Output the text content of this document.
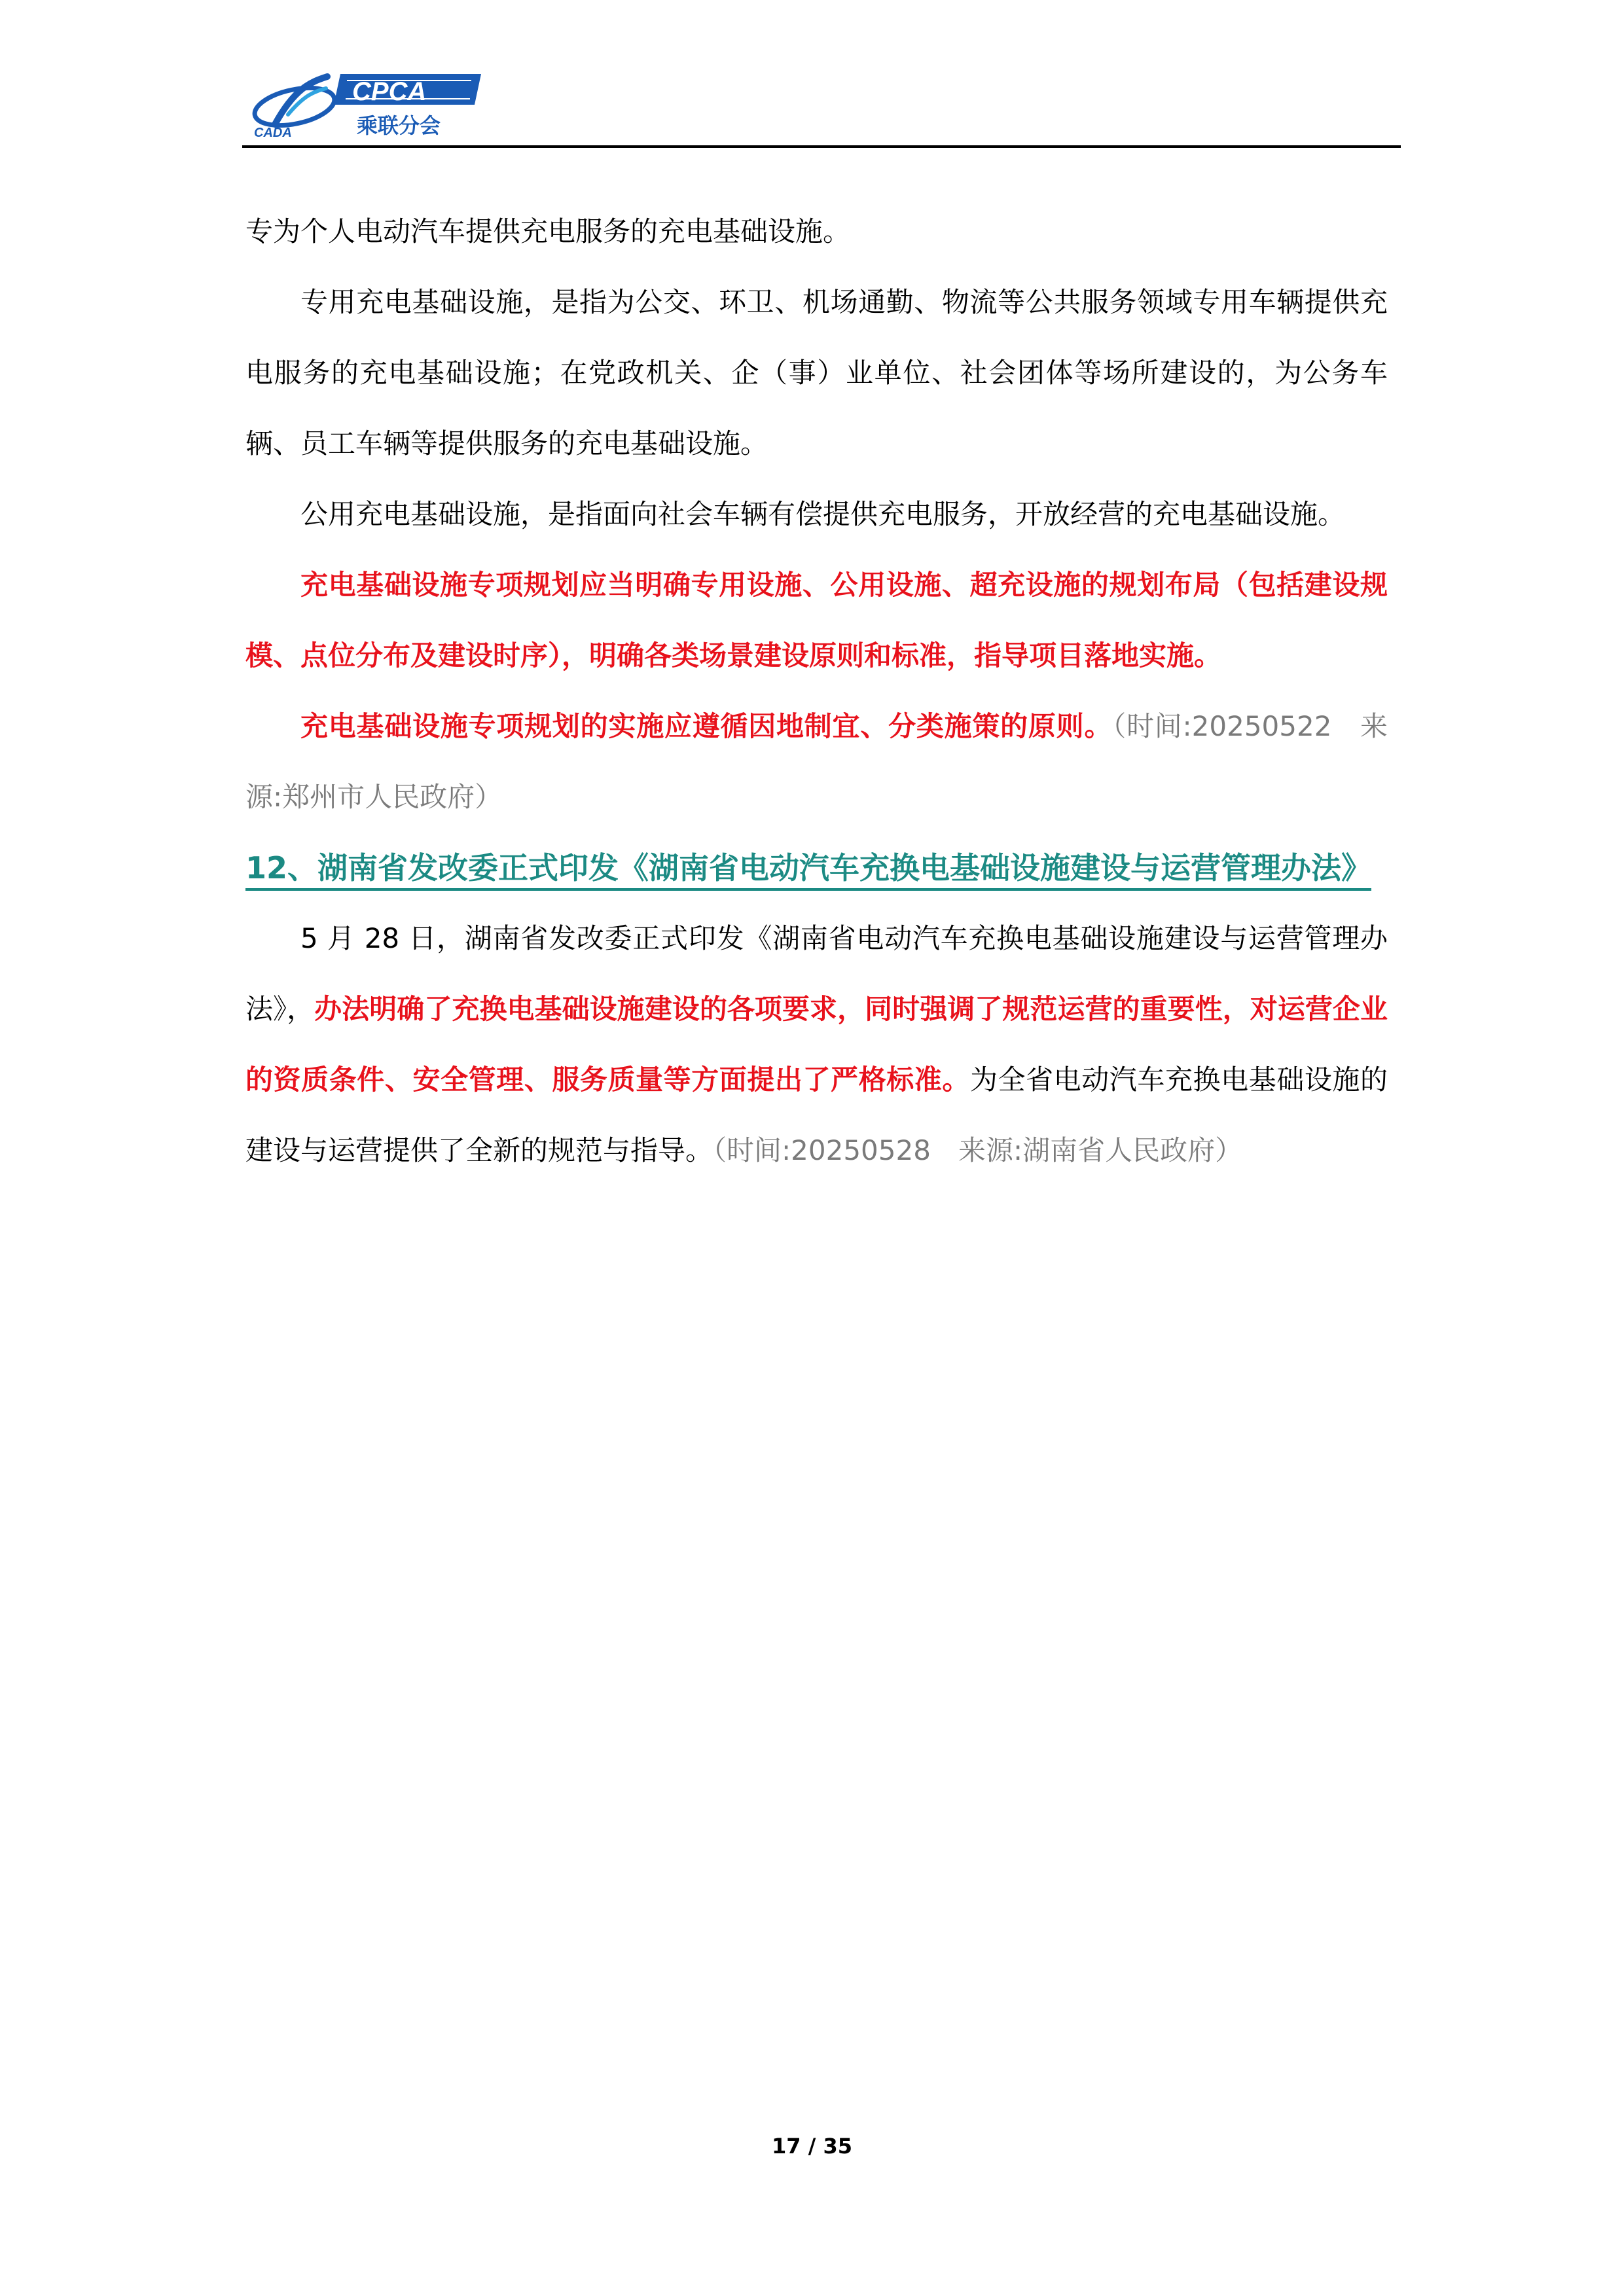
CPCA
乘联分会
CADA

专为个人电动汽车提供充电服务的充电基础设施。

专用充电基础设施，是指为公交、环卫、机场通勤、物流等公共服务领域专用车辆提供充电服务的充电基础设施；在党政机关、企（事）业单位、社会团体等场所建设的，为公务车辆、员工车辆等提供服务的充电基础设施。

公用充电基础设施，是指面向社会车辆有偿提供充电服务，开放经营的充电基础设施。

充电基础设施专项规划应当明确专用设施、公用设施、超充设施的规划布局（包括建设规模、点位分布及建设时序），明确各类场景建设原则和标准，指导项目落地实施。

充电基础设施专项规划的实施应遵循因地制宜、分类施策的原则。（时间:20250522　来源:郑州市人民政府）

12、湖南省发改委正式印发《湖南省电动汽车充换电基础设施建设与运营管理办法》

5 月 28 日，湖南省发改委正式印发《湖南省电动汽车充换电基础设施建设与运营管理办法》，办法明确了充换电基础设施建设的各项要求，同时强调了规范运营的重要性，对运营企业的资质条件、安全管理、服务质量等方面提出了严格标准。为全省电动汽车充换电基础设施的建设与运营提供了全新的规范与指导。（时间:20250528　来源:湖南省人民政府）

17 / 35
